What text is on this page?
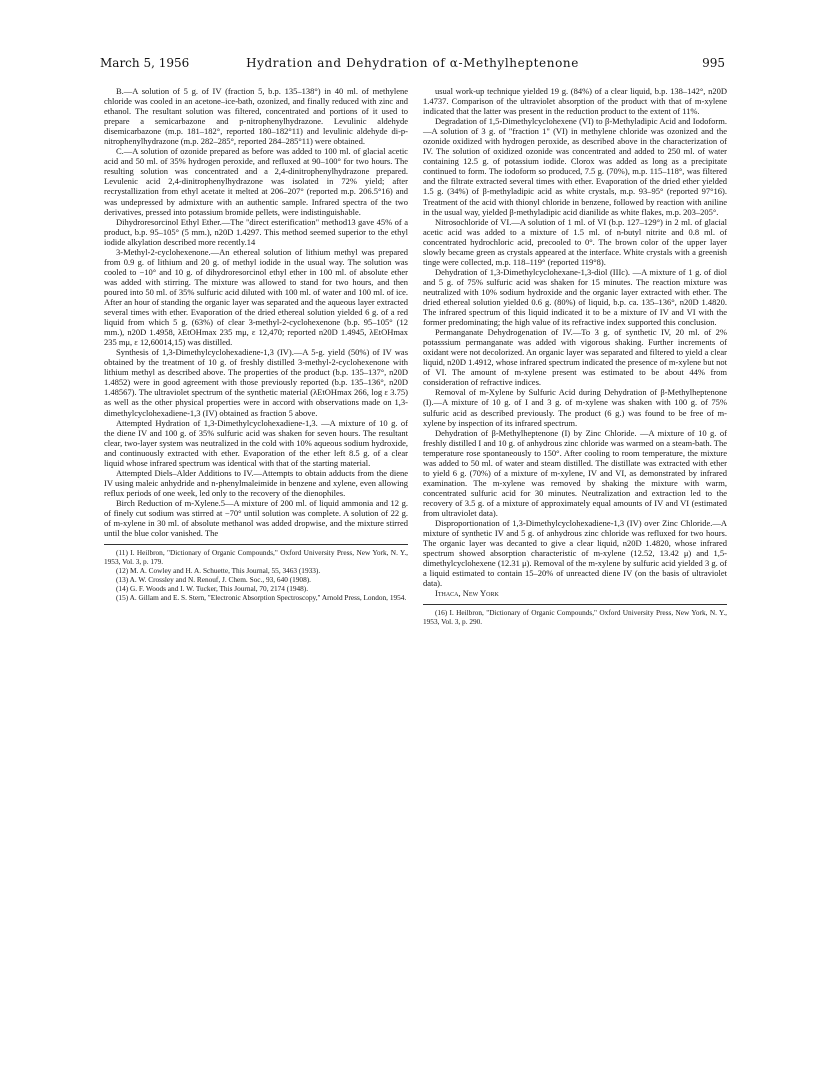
March 5, 1956	Hydration and Dehydration of α-Methylheptenone	995

B.—A solution of 5 g. of IV (fraction 5, b.p. 135–138°) in 40 ml. of methylene chloride was cooled in an acetone–ice-bath, ozonized, and finally reduced with zinc and ethanol. The resultant solution was filtered, concentrated and portions of it used to prepare a semicarbazone and p-nitrophenylhydrazone. Levulinic aldehyde disemicarbazone (m.p. 181–182°, reported 180–182°11) and levulinic aldehyde di-p-nitrophenylhydrazone (m.p. 282–285°, reported 284–285°11) were obtained.

C.—A solution of ozonide prepared as before was added to 100 ml. of glacial acetic acid and 50 ml. of 35% hydrogen peroxide, and refluxed at 90–100° for two hours. The resulting solution was concentrated and a 2,4-dinitrophenylhydrazone prepared. Levulenic acid 2,4-dinitrophenylhydrazone was isolated in 72% yield; after recrystallization from ethyl acetate it melted at 206–207° (reported m.p. 206.5°16) and was undepressed by admixture with an authentic sample. Infrared spectra of the two derivatives, pressed into potassium bromide pellets, were indistinguishable.

Dihydroresorcinol Ethyl Ether.—The "direct esterification" method13 gave 45% of a product, b.p. 95–105° (5 mm.), n20D 1.4297. This method seemed superior to the ethyl iodide alkylation described more recently.14

3-Methyl-2-cyclohexenone.—An ethereal solution of lithium methyl was prepared from 0.9 g. of lithium and 20 g. of methyl iodide in the usual way. The solution was cooled to −10° and 10 g. of dihydroresorcinol ethyl ether in 100 ml. of absolute ether was added with stirring. The mixture was allowed to stand for two hours, and then poured into 50 ml. of 35% sulfuric acid diluted with 100 ml. of water and 100 ml. of ice. After an hour of standing the organic layer was separated and the aqueous layer extracted several times with ether. Evaporation of the dried ethereal solution yielded 6 g. of a red liquid from which 5 g. (63%) of clear 3-methyl-2-cyclohexenone (b.p. 95–105° (12 mm.), n20D 1.4958, λEtOHmax 235 mμ, ε 12,470; reported n20D 1.4945, λEtOHmax 235 mμ, ε 12,60014,15) was distilled.

Synthesis of 1,3-Dimethylcyclohexadiene-1,3 (IV).—A 5-g. yield (50%) of IV was obtained by the treatment of 10 g. of freshly distilled 3-methyl-2-cyclohexenone with lithium methyl as described above. The properties of the product (b.p. 135–137°, n20D 1.4852) were in good agreement with those previously reported (b.p. 135–136°, n20D 1.48567). The ultraviolet spectrum of the synthetic material (λEtOHmax 266, log ε 3.75) as well as the other physical properties were in accord with observations made on 1,3-dimethylcyclohexadiene-1,3 (IV) obtained as fraction 5 above.

Attempted Hydration of 1,3-Dimethylcyclohexadiene-1,3. —A mixture of 10 g. of the diene IV and 100 g. of 35% sulfuric acid was shaken for seven hours. The resultant clear, two-layer system was neutralized in the cold with 10% aqueous sodium hydroxide, and continuously extracted with ether. Evaporation of the ether left 8.5 g. of a clear liquid whose infrared spectrum was identical with that of the starting material.

Attempted Diels–Alder Additions to IV.—Attempts to obtain adducts from the diene IV using maleic anhydride and n-phenylmaleimide in benzene and xylene, even allowing reflux periods of one week, led only to the recovery of the dienophiles.

Birch Reduction of m-Xylene.5—A mixture of 200 ml. of liquid ammonia and 12 g. of finely cut sodium was stirred at −70° until solution was complete. A solution of 22 g. of m-xylene in 30 ml. of absolute methanol was added dropwise, and the mixture stirred until the blue color vanished. The

(11) I. Heilbron, "Dictionary of Organic Compounds," Oxford University Press, New York, N. Y., 1953, Vol. 3, p. 179.

(12) M. A. Cowley and H. A. Schuette, This Journal, 55, 3463 (1933).

(13) A. W. Crossley and N. Renouf, J. Chem. Soc., 93, 640 (1908).

(14) G. F. Woods and I. W. Tucker, This Journal, 70, 2174 (1948).

(15) A. Gillam and E. S. Stern, "Electronic Absorption Spectroscopy," Arnold Press, London, 1954.

usual work-up technique yielded 19 g. (84%) of a clear liquid, b.p. 138–142°, n20D 1.4737. Comparison of the ultraviolet absorption of the product with that of m-xylene indicated that the latter was present in the reduction product to the extent of 11%.

Degradation of 1,5-Dimethylcyclohexene (VI) to β-Methyladipic Acid and Iodoform.—A solution of 3 g. of "fraction 1" (VI) in methylene chloride was ozonized and the ozonide oxidized with hydrogen peroxide, as described above in the characterization of IV. The solution of oxidized ozonide was concentrated and added to 250 ml. of water containing 12.5 g. of potassium iodide. Clorox was added as long as a precipitate continued to form. The iodoform so produced, 7.5 g. (70%), m.p. 115–118°, was filtered and the filtrate extracted several times with ether. Evaporation of the dried ether yielded 1.5 g. (34%) of β-methyladipic acid as white crystals, m.p. 93–95° (reported 97°16). Treatment of the acid with thionyl chloride in benzene, followed by reaction with aniline in the usual way, yielded β-methyladipic acid dianilide as white flakes, m.p. 203–205°.

Nitrosochloride of VI.—A solution of 1 ml. of VI (b.p. 127–129°) in 2 ml. of glacial acetic acid was added to a mixture of 1.5 ml. of n-butyl nitrite and 0.8 ml. of concentrated hydrochloric acid, precooled to 0°. The brown color of the upper layer slowly became green as crystals appeared at the interface. White crystals with a greenish tinge were collected, m.p. 118–119° (reported 119°8).

Dehydration of 1,3-Dimethylcyclohexane-1,3-diol (IIIc). —A mixture of 1 g. of diol and 5 g. of 75% sulfuric acid was shaken for 15 minutes. The reaction mixture was neutralized with 10% sodium hydroxide and the organic layer extracted with ether. The dried ethereal solution yielded 0.6 g. (80%) of liquid, b.p. ca. 135–136°, n20D 1.4820. The infrared spectrum of this liquid indicated it to be a mixture of IV and VI with the former predominating; the high value of its refractive index supported this conclusion.

Permanganate Dehydrogenation of IV.—To 3 g. of synthetic IV, 20 ml. of 2% potasssium permanganate was added with vigorous shaking. Further increments of oxidant were not decolorized. An organic layer was separated and filtered to yield a clear liquid, n20D 1.4912, whose infrared spectrum indicated the presence of m-xylene but not of VI. The amount of m-xylene present was estimated to be about 44% from consideration of refractive indices.

Removal of m-Xylene by Sulfuric Acid during Dehydration of β-Methylheptenone (I).—A mixture of 10 g. of I and 3 g. of m-xylene was shaken with 100 g. of 75% sulfuric acid as described previously. The product (6 g.) was found to be free of m-xylene by inspection of its infrared spectrum.

Dehydration of β-Methylheptenone (I) by Zinc Chloride. —A mixture of 10 g. of freshly distilled I and 10 g. of anhydrous zinc chloride was warmed on a steam-bath. The temperature rose spontaneously to 150°. After cooling to room temperature, the mixture was added to 50 ml. of water and steam distilled. The distillate was extracted with ether to yield 6 g. (70%) of a mixture of m-xylene, IV and VI, as demonstrated by infrared examination. The m-xylene was removed by shaking the mixture with warm, concentrated sulfuric acid for 30 minutes. Neutralization and extraction led to the recovery of 3.5 g. of a mixture of approximately equal amounts of IV and VI (estimated from ultraviolet data).

Disproportionation of 1,3-Dimethylcyclohexadiene-1,3 (IV) over Zinc Chloride.—A mixture of synthetic IV and 5 g. of anhydrous zinc chloride was refluxed for two hours. The organic layer was decanted to give a clear liquid, n20D 1.4820, whose infrared spectrum showed absorption characteristic of m-xylene (12.52, 13.42 μ) and 1,5-dimethylcyclohexene (12.31 μ). Removal of the m-xylene by sulfuric acid yielded 3 g. of a liquid estimated to contain 15–20% of unreacted diene IV (on the basis of ultraviolet data).

Ithaca, New York

(16) I. Heilbron, "Dictionary of Organic Compounds," Oxford University Press, New York, N. Y., 1953, Vol. 3, p. 290.
